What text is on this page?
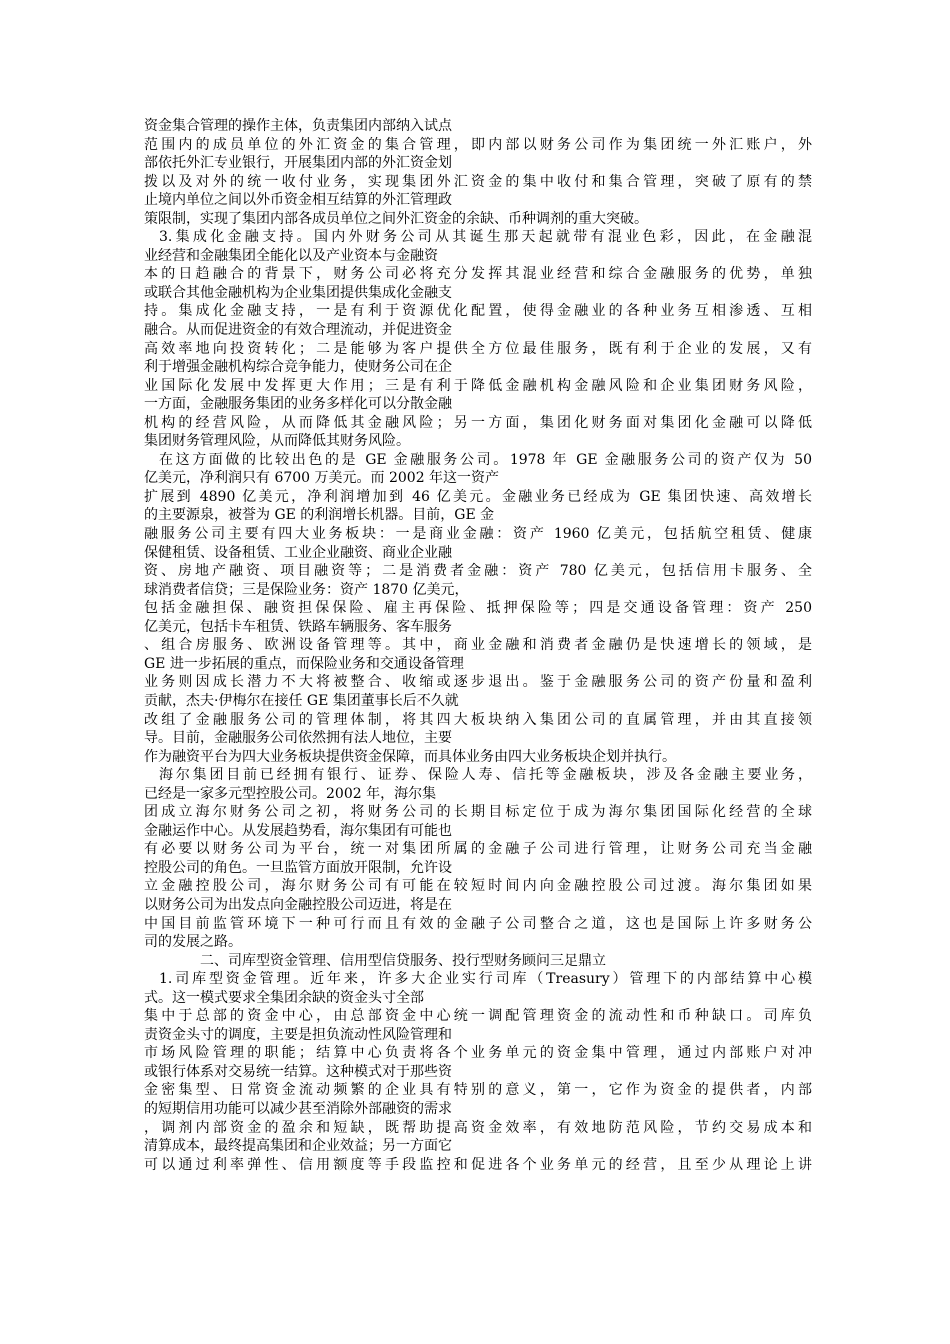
资金集合管理的操作主体，负责集团内部纳入试点
范围内的成员单位的外汇资金的集合管理，即内部以财务公司作为集团统一外汇账户，外
部依托外汇专业银行，开展集团内部的外汇资金划
拨以及对外的统一收付业务，实现集团外汇资金的集中收付和集合管理，突破了原有的禁
止境内单位之间以外币资金相互结算的外汇管理政
策限制，实现了集团内部各成员单位之间外汇资金的余缺、币种调剂的重大突破。
3.集成化金融支持。国内外财务公司从其诞生那天起就带有混业色彩，因此，在金融混
业经营和金融集团全能化以及产业资本与金融资
本的日趋融合的背景下，财务公司必将充分发挥其混业经营和综合金融服务的优势，单独
或联合其他金融机构为企业集团提供集成化金融支
持。集成化金融支持，一是有利于资源优化配置，使得金融业的各种业务互相渗透、互相
融合。从而促进资金的有效合理流动，并促进资金
高效率地向投资转化；二是能够为客户提供全方位最佳服务，既有利于企业的发展，又有
利于增强金融机构综合竞争能力，使财务公司在企
业国际化发展中发挥更大作用；三是有利于降低金融机构金融风险和企业集团财务风险，
一方面，金融服务集团的业务多样化可以分散金融
机构的经营风险，从而降低其金融风险；另一方面，集团化财务面对集团化金融可以降低
集团财务管理风险，从而降低其财务风险。
在这方面做的比较出色的是 GE 金融服务公司。1978 年 GE 金融服务公司的资产仅为 50
亿美元，净利润只有 6700 万美元。而 2002 年这一资产
扩展到 4890 亿美元，净利润增加到 46 亿美元。金融业务已经成为 GE 集团快速、高效增长
的主要源泉，被誉为 GE 的利润增长机器。目前，GE 金
融服务公司主要有四大业务板块：一是商业金融：资产 1960 亿美元，包括航空租赁、健康
保健租赁、设备租赁、工业企业融资、商业企业融
资、房地产融资、项目融资等；二是消费者金融：资产 780 亿美元，包括信用卡服务、全
球消费者信贷；三是保险业务：资产 1870 亿美元，
包括金融担保、融资担保保险、雇主再保险、抵押保险等；四是交通设备管理：资产 250
亿美元，包括卡车租赁、铁路车辆服务、客车服务
、组合房服务、欧洲设备管理等。其中，商业金融和消费者金融仍是快速增长的领域，是
GE 进一步拓展的重点，而保险业务和交通设备管理
业务则因成长潜力不大将被整合、收缩或逐步退出。鉴于金融服务公司的资产份量和盈利
贡献，杰夫·伊梅尔在接任 GE 集团董事长后不久就
改组了金融服务公司的管理体制，将其四大板块纳入集团公司的直属管理，并由其直接领
导。目前，金融服务公司依然拥有法人地位，主要
作为融资平台为四大业务板块提供资金保障，而具体业务由四大业务板块企划并执行。
海尔集团目前已经拥有银行、证券、保险人寿、信托等金融板块，涉及各金融主要业务，
已经是一家多元型控股公司。2002 年，海尔集
团成立海尔财务公司之初，将财务公司的长期目标定位于成为海尔集团国际化经营的全球
金融运作中心。从发展趋势看，海尔集团有可能也
有必要以财务公司为平台，统一对集团所属的金融子公司进行管理，让财务公司充当金融
控股公司的角色。一旦监管方面放开限制，允许设
立金融控股公司，海尔财务公司有可能在较短时间内向金融控股公司过渡。海尔集团如果
以财务公司为出发点向金融控股公司迈进，将是在
中国目前监管环境下一种可行而且有效的金融子公司整合之道，这也是国际上许多财务公
司的发展之路。
二、司库型资金管理、信用型信贷服务、投行型财务顾问三足鼎立
1.司库型资金管理。近年来，许多大企业实行司库（Treasury）管理下的内部结算中心模
式。这一模式要求全集团余缺的资金头寸全部
集中于总部的资金中心，由总部资金中心统一调配管理资金的流动性和币种缺口。司库负
责资金头寸的调度，主要是担负流动性风险管理和
市场风险管理的职能；结算中心负责将各个业务单元的资金集中管理，通过内部账户对冲
或银行体系对交易统一结算。这种模式对于那些资
金密集型、日常资金流动频繁的企业具有特别的意义，第一，它作为资金的提供者，内部
的短期信用功能可以减少甚至消除外部融资的需求
，调剂内部资金的盈余和短缺，既帮助提高资金效率，有效地防范风险，节约交易成本和
清算成本，最终提高集团和企业效益；另一方面它
可以通过利率弹性、信用额度等手段监控和促进各个业务单元的经营，且至少从理论上讲
